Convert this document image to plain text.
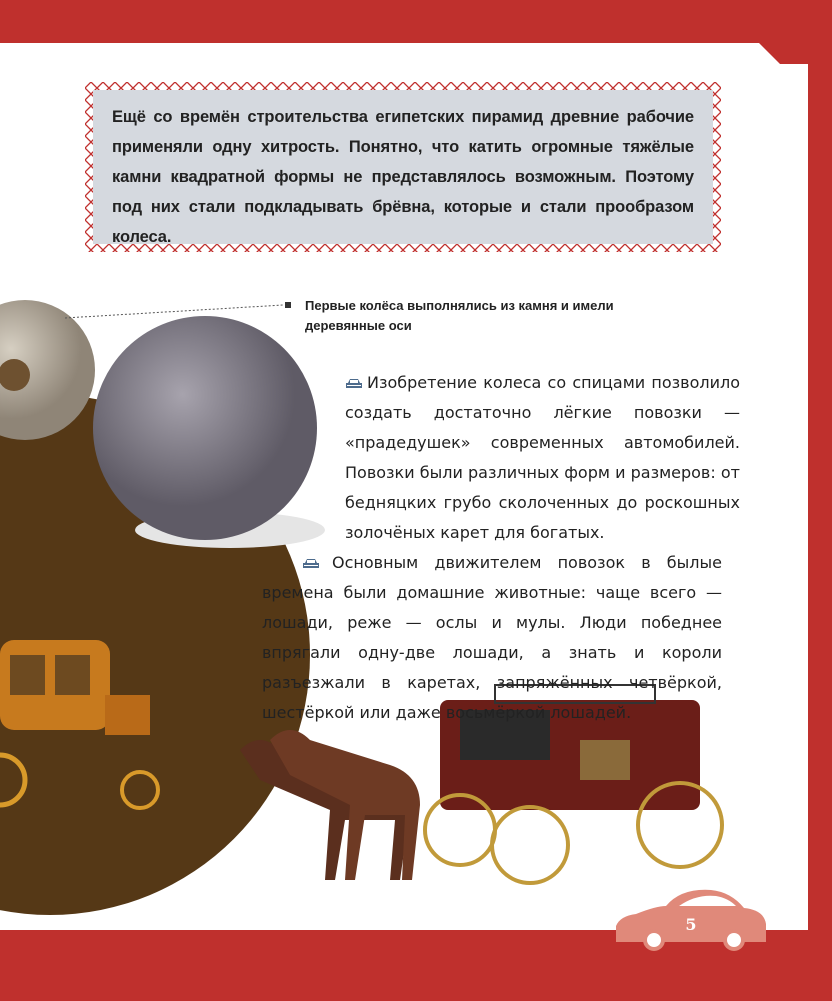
Ещё со времён строительства египетских пирамид древние рабочие применяли одну хитрость. Понятно, что катить огромные тяжёлые камни квадратной формы не представлялось возможным. Поэтому под них стали подкладывать брёвна, которые и стали прообразом колеса.

Первые колёса выполнялись из камня и имели деревянные оси

Изобретение колеса со спицами позволило создать достаточно лёгкие повозки — «прадедушек» современных автомобилей. Повозки были различных форм и размеров: от бедняцких грубо сколоченных до роскошных золочёных карет для богатых.

Основным движителем повозок в былые времена были домашние животные: чаще всего — лошади, реже — ослы и мулы. Люди победнее впрягали одну-две лошади, а знать и короли разъезжали в каретах, запряжённых четвёркой, шестёркой или даже восьмёркой лошадей.

5
